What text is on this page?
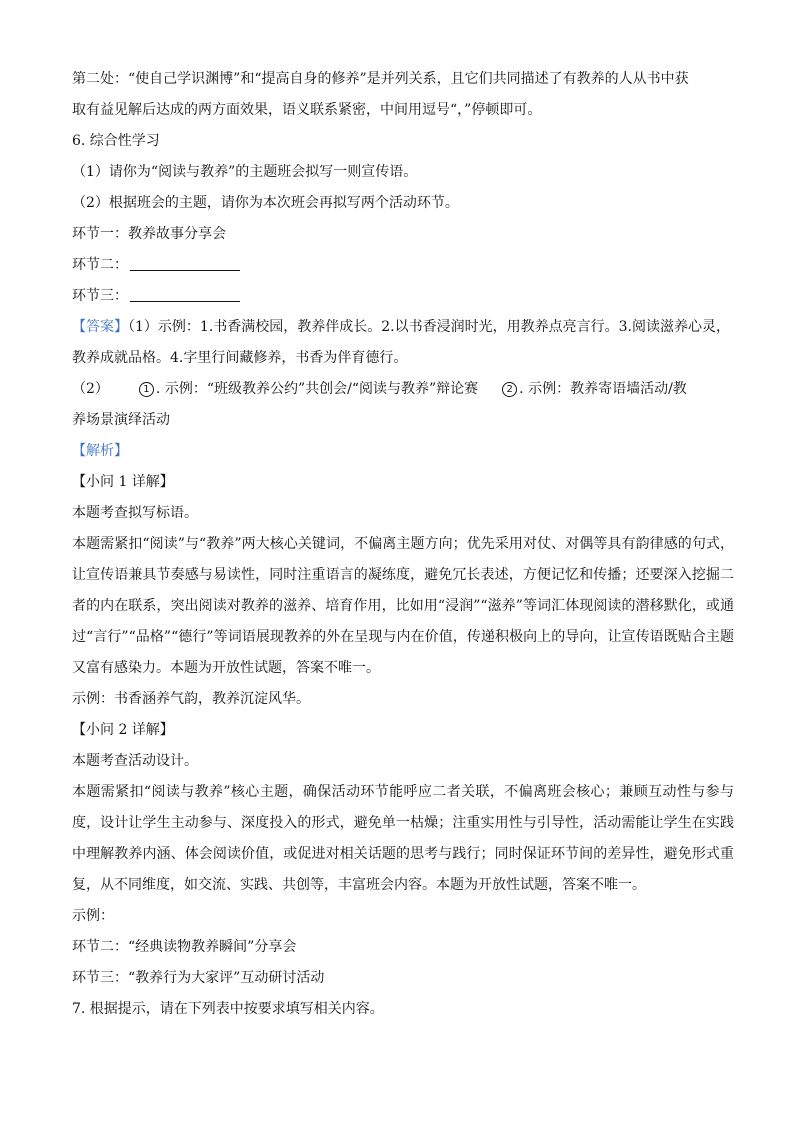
第二处：“使自己学识渊博”和“提高自身的修养”是并列关系，且它们共同描述了有教养的人从书中获

取有益见解后达成的两方面效果，语义联系紧密，中间用逗号“，”停顿即可。

6. 综合性学习

（1）请你为“阅读与教养”的主题班会拟写一则宣传语。

（2）根据班会的主题，请你为本次班会再拟写两个活动环节。

环节一：教养故事分享会

环节二：

环节三：

【答案】（1）示例：1.书香满校园，教养伴成长。2.以书香浸润时光，用教养点亮言行。3.阅读滋养心灵，

教养成就品格。4.字里行间藏修养，书香为伴育德行。

（2）	1 . 示例：“班级教养公约”共创会/“阅读与教养”辩论赛	2 . 示例：教养寄语墙活动/教

养场景演绎活动

【解析】

【小问 1 详解】

本题考查拟写标语。

本题需紧扣“阅读”与“教养”两大核心关键词，不偏离主题方向；优先采用对仗、对偶等具有韵律感的句式，让宣传语兼具节奏感与易读性，同时注重语言的凝练度，避免冗长表述，方便记忆和传播；还要深入挖掘二者的内在联系，突出阅读对教养的滋养、培育作用，比如用“浸润”“滋养”等词汇体现阅读的潜移默化，或通过“言行”“品格”“德行”等词语展现教养的外在呈现与内在价值，传递积极向上的导向，让宣传语既贴合主题又富有感染力。本题为开放性试题，答案不唯一。

示例：书香涵养气韵，教养沉淀风华。

【小问 2 详解】

本题考查活动设计。

本题需紧扣“阅读与教养”核心主题，确保活动环节能呼应二者关联，不偏离班会核心；兼顾互动性与参与度，设计让学生主动参与、深度投入的形式，避免单一枯燥；注重实用性与引导性，活动需能让学生在实践中理解教养内涵、体会阅读价值，或促进对相关话题的思考与践行；同时保证环节间的差异性，避免形式重复，从不同维度，如交流、实践、共创等，丰富班会内容。本题为开放性试题，答案不唯一。

示例：

环节二：“经典读物教养瞬间”分享会

环节三：“教养行为大家评”互动研讨活动

7. 根据提示，请在下列表中按要求填写相关内容。
